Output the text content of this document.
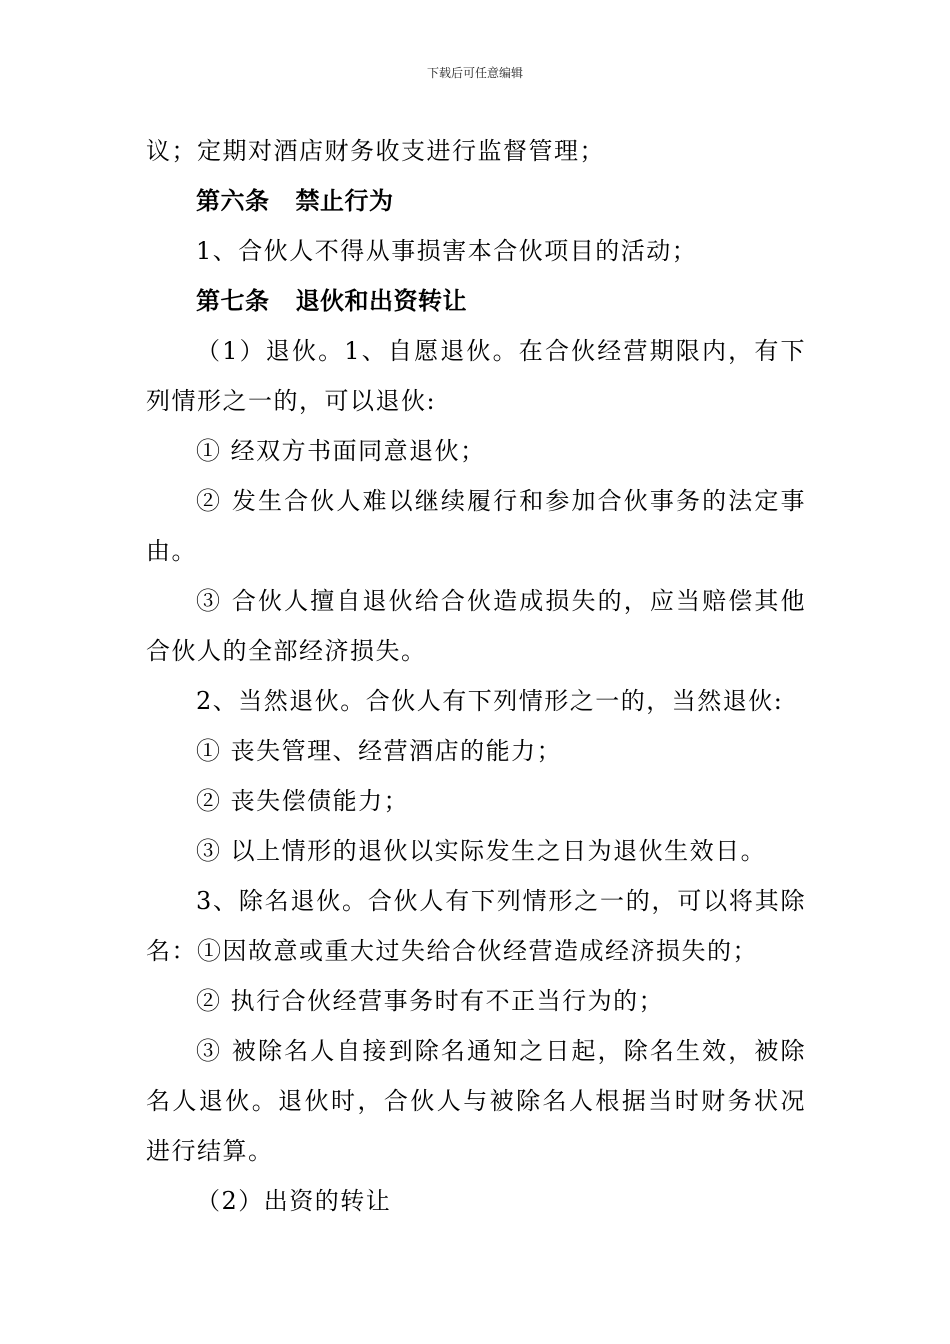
下载后可任意编辑

议；定期对酒店财务收支进行监督管理；

第六条 禁止行为

1、合伙人不得从事损害本合伙项目的活动；

第七条 退伙和出资转让

（1）退伙。1、自愿退伙。在合伙经营期限内，有下列情形之一的，可以退伙:

① 经双方书面同意退伙；

② 发生合伙人难以继续履行和参加合伙事务的法定事由。

③ 合伙人擅自退伙给合伙造成损失的，应当赔偿其他合伙人的全部经济损失。

2、当然退伙。合伙人有下列情形之一的，当然退伙:

① 丧失管理、经营酒店的能力；

② 丧失偿债能力；

③ 以上情形的退伙以实际发生之日为退伙生效日。

3、除名退伙。合伙人有下列情形之一的，可以将其除名：①因故意或重大过失给合伙经营造成经济损失的；

② 执行合伙经营事务时有不正当行为的；

③ 被除名人自接到除名通知之日起，除名生效，被除名人退伙。退伙时，合伙人与被除名人根据当时财务状况进行结算。

（2）出资的转让
